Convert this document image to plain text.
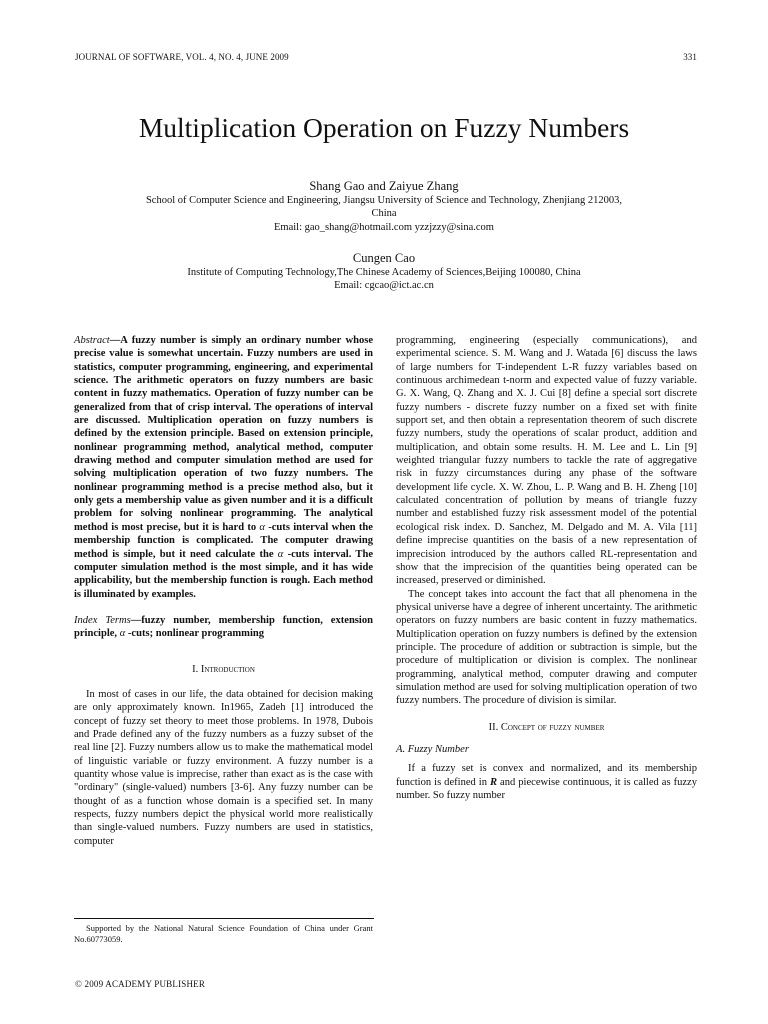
JOURNAL OF SOFTWARE, VOL. 4, NO. 4, JUNE 2009	331
Multiplication Operation on Fuzzy Numbers
Shang Gao and Zaiyue Zhang
School of Computer Science and Engineering, Jiangsu University of Science and Technology, Zhenjiang 212003,
China
Email: gao_shang@hotmail.com yzzjzzy@sina.com
Cungen Cao
Institute of Computing Technology,The Chinese Academy of Sciences,Beijing 100080, China
Email: cgcao@ict.ac.cn

Abstract—A fuzzy number is simply an ordinary number whose precise value is somewhat uncertain. Fuzzy numbers are used in statistics, computer programming, engineering, and experimental science. The arithmetic operators on fuzzy numbers are basic content in fuzzy mathematics. Operation of fuzzy number can be generalized from that of crisp interval. The operations of interval are discussed. Multiplication operation on fuzzy numbers is defined by the extension principle. Based on extension principle, nonlinear programming method, analytical method, computer drawing method and computer simulation method are used for solving multiplication operation of two fuzzy numbers. The nonlinear programming method is a precise method also, but it only gets a membership value as given number and it is a difficult problem for solving nonlinear programming. The analytical method is most precise, but it is hard to α -cuts interval when the membership function is complicated. The computer drawing method is simple, but it need calculate the α -cuts interval. The computer simulation method is the most simple, and it has wide applicability, but the membership function is rough. Each method is illuminated by examples.

Index Terms—fuzzy number, membership function, extension principle, α -cuts; nonlinear programming

I. Introduction

In most of cases in our life, the data obtained for decision making are only approximately known. In1965, Zadeh [1] introduced the concept of fuzzy set theory to meet those problems. In 1978, Dubois and Prade defined any of the fuzzy numbers as a fuzzy subset of the real line [2]. Fuzzy numbers allow us to make the mathematical model of linguistic variable or fuzzy environment. A fuzzy number is a quantity whose value is imprecise, rather than exact as is the case with "ordinary" (single-valued) numbers [3-6]. Any fuzzy number can be thought of as a function whose domain is a specified set. In many respects, fuzzy numbers depict the physical world more realistically than single-valued numbers. Fuzzy numbers are used in statistics, computer

programming, engineering (especially communications), and experimental science. S. M. Wang and J. Watada [6] discuss the laws of large numbers for T-independent L-R fuzzy variables based on continuous archimedean t-norm and expected value of fuzzy variable. G. X. Wang, Q. Zhang and X. J. Cui [8] define a special sort discrete fuzzy numbers - discrete fuzzy number on a fixed set with finite support set, and then obtain a representation theorem of such discrete fuzzy numbers, study the operations of scalar product, addition and multiplication, and obtain some results. H. M. Lee and L. Lin [9] weighted triangular fuzzy numbers to tackle the rate of aggregative risk in fuzzy circumstances during any phase of the software development life cycle. X. W. Zhou, L. P. Wang and B. H. Zheng [10] calculated concentration of pollution by means of triangle fuzzy number and established fuzzy risk assessment model of the potential ecological risk index. D. Sanchez, M. Delgado and M. A. Vila [11] define imprecise quantities on the basis of a new representation of imprecision introduced by the authors called RL-representation and show that the imprecision of the quantities being operated can be increased, preserved or diminished.

The concept takes into account the fact that all phenomena in the physical universe have a degree of inherent uncertainty. The arithmetic operators on fuzzy numbers are basic content in fuzzy mathematics. Multiplication operation on fuzzy numbers is defined by the extension principle. The procedure of addition or subtraction is simple, but the procedure of multiplication or division is complex. The nonlinear programming, analytical method, computer drawing and computer simulation method are used for solving multiplication operation of two fuzzy numbers. The procedure of division is similar.

II. Concept of fuzzy number

A. Fuzzy Number

If a fuzzy set is convex and normalized, and its membership function is defined in R and piecewise continuous, it is called as fuzzy number. So fuzzy number

Supported by the National Natural Science Foundation of China under Grant No.60773059.
© 2009 ACADEMY PUBLISHER
